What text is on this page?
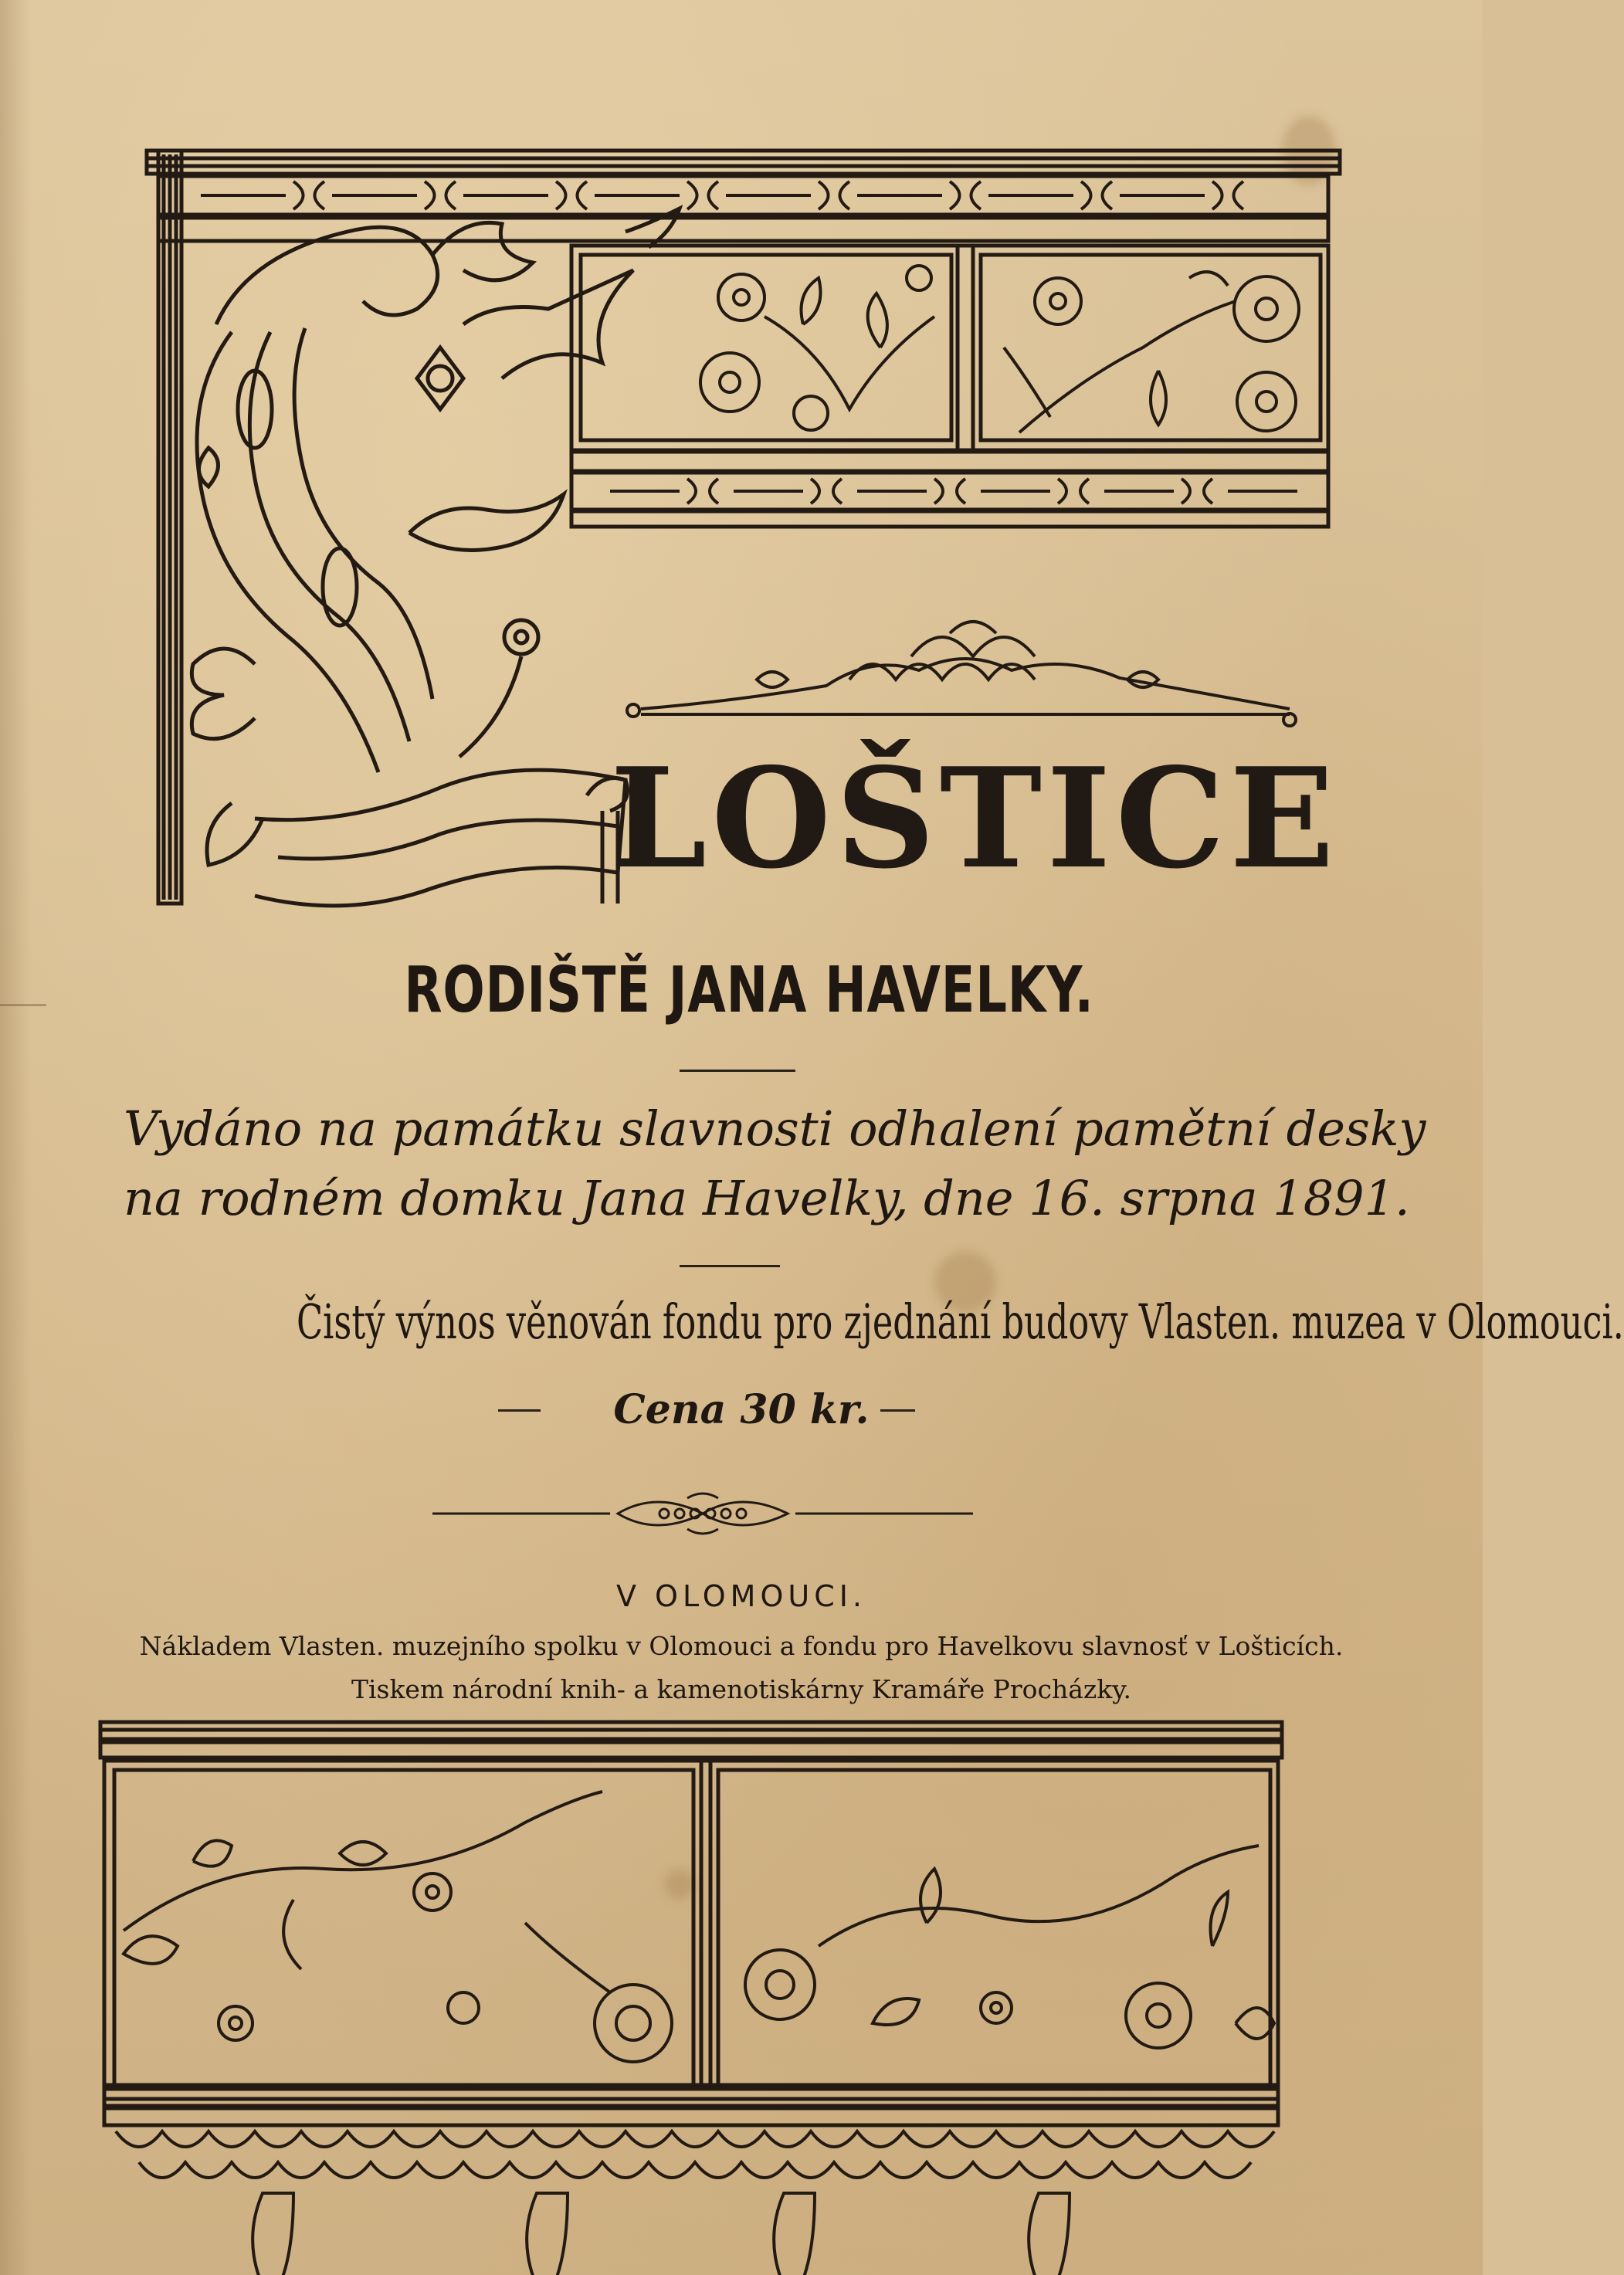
LOŠTICE
RODIŠTĚ JANA HAVELKY.
Vydáno na památku slavnosti odhalení pamětní desky
na rodném domku Jana Havelky, dne 16. srpna 1891.
Čistý výnos věnován fondu pro zjednání budovy Vlasten. muzea v Olomouci.
Cena 30 kr.
V OLOMOUCI.
Nákladem Vlasten. muzejního spolku v Olomouci a fondu pro Havelkovu slavnosť v Lošticích.
Tiskem národní knih- a kamenotiskárny Kramáře Procházky.
